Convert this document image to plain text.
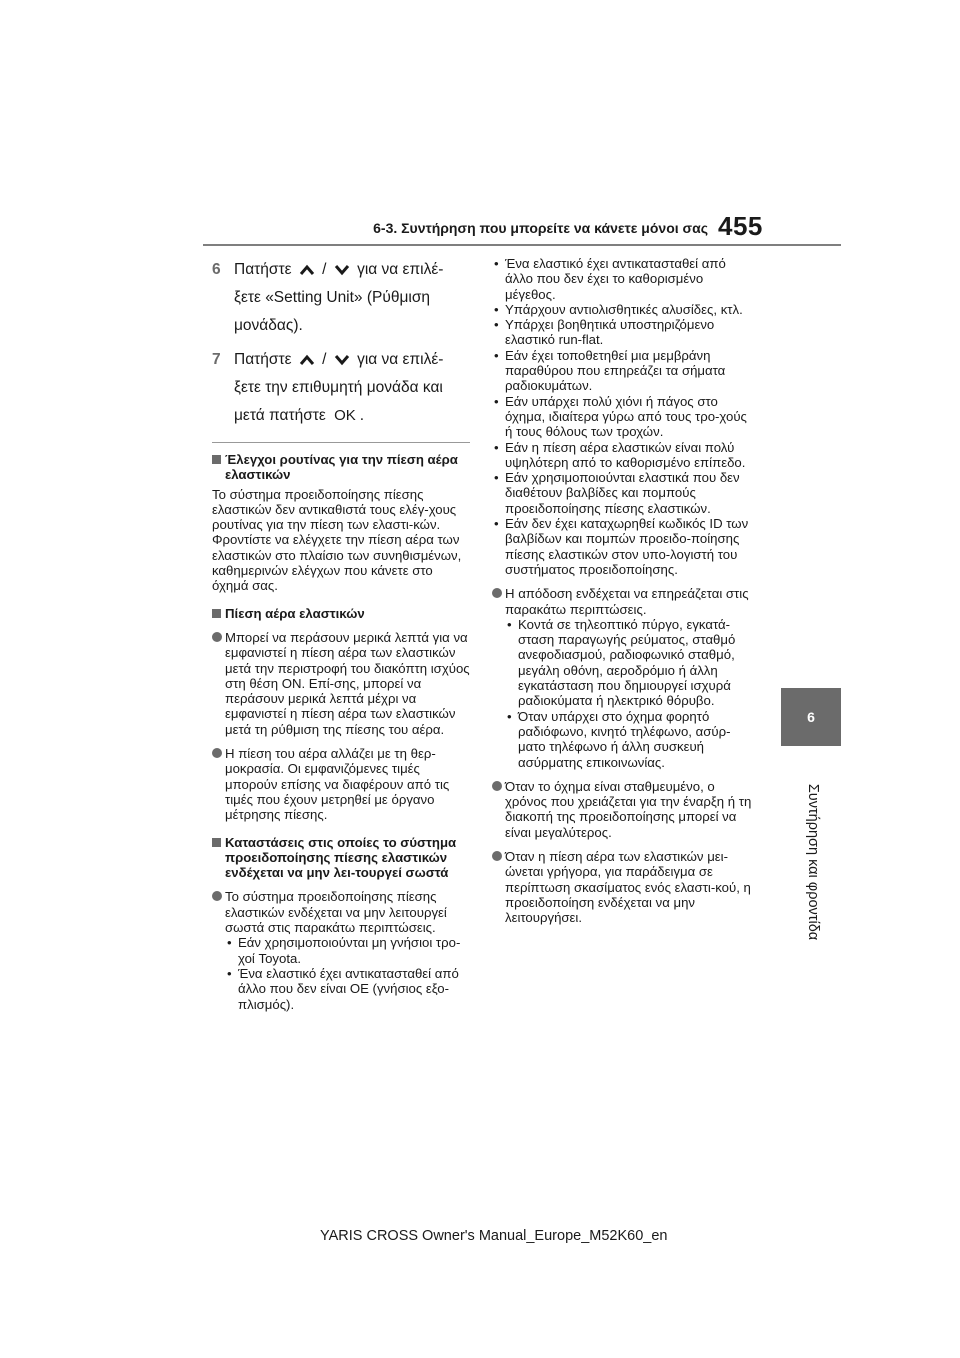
6-3. Συντήρηση που μπορείτε να κάνετε μόνοι σας 455
6
Συντήρηση και φροντίδα
6 Πατήστε / για να επιλέ-
ξετε «Setting Unit» (Ρύθμιση
μονάδας).
7 Πατήστε / για να επιλέ-
ξετε την επιθυμητή μονάδα και
μετά πατήστε OK .
Έλεγχοι ρουτίνας για την πίεση αέρα ελαστικών
Το σύστημα προειδοποίησης πίεσης ελαστικών δεν αντικαθιστά τους ελέγ-χους ρουτίνας για την πίεση των ελαστι-κών. Φροντίστε να ελέγχετε την πίεση αέρα των ελαστικών στο πλαίσιο των συνηθισμένων, καθημερινών ελέγχων που κάνετε στο όχημά σας.
Πίεση αέρα ελαστικών
Μπορεί να περάσουν μερικά λεπτά για να εμφανιστεί η πίεση αέρα των ελαστικών μετά την περιστροφή του διακόπτη ισχύος στη θέση ON. Επί-σης, μπορεί να περάσουν μερικά λεπτά μέχρι να εμφανιστεί η πίεση αέρα των ελαστικών μετά τη ρύθμιση της πίεσης του αέρα.
Η πίεση του αέρα αλλάζει με τη θερ-μοκρασία. Οι εμφανιζόμενες τιμές μπορούν επίσης να διαφέρουν από τις τιμές που έχουν μετρηθεί με όργανο μέτρησης πίεσης.
Καταστάσεις στις οποίες το σύστημα προειδοποίησης πίεσης ελαστικών ενδέχεται να μην λει-τουργεί σωστά
Το σύστημα προειδοποίησης πίεσης ελαστικών ενδέχεται να μην λειτουργεί σωστά στις παρακάτω περιπτώσεις.
• Εάν χρησιμοποιούνται μη γνήσιοι τρο-χοί Toyota.
• Ένα ελαστικό έχει αντικατασταθεί από άλλο που δεν είναι OE (γνήσιος εξο-πλισμός).
• Ένα ελαστικό έχει αντικατασταθεί από άλλο που δεν έχει το καθορισμένο μέγεθος.
• Υπάρχουν αντιολισθητικές αλυσίδες, κτλ.
• Υπάρχει βοηθητικά υποστηριζόμενο ελαστικό run-flat.
• Εάν έχει τοποθετηθεί μια μεμβράνη παραθύρου που επηρεάζει τα σήματα ραδιοκυμάτων.
• Εάν υπάρχει πολύ χιόνι ή πάγος στο όχημα, ιδιαίτερα γύρω από τους τρο-χούς ή τους θόλους των τροχών.
• Εάν η πίεση αέρα ελαστικών είναι πολύ υψηλότερη από το καθορισμένο επίπεδο.
• Εάν χρησιμοποιούνται ελαστικά που δεν διαθέτουν βαλβίδες και πομπούς προειδοποίησης πίεσης ελαστικών.
• Εάν δεν έχει καταχωρηθεί κωδικός ID των βαλβίδων και πομπών προειδο-ποίησης πίεσης ελαστικών στον υπο-λογιστή του συστήματος προειδοποίησης.
Η απόδοση ενδέχεται να επηρεάζεται στις παρακάτω περιπτώσεις.
• Κοντά σε τηλεοπτικό πύργο, εγκατά-σταση παραγωγής ρεύματος, σταθμό ανεφοδιασμού, ραδιοφωνικό σταθμό, μεγάλη οθόνη, αεροδρόμιο ή άλλη εγκατάσταση που δημιουργεί ισχυρά ραδιοκύματα ή ηλεκτρικό θόρυβο.
• Όταν υπάρχει στο όχημα φορητό ραδιόφωνο, κινητό τηλέφωνο, ασύρ-ματο τηλέφωνο ή άλλη συσκευή ασύρματης επικοινωνίας.
Όταν το όχημα είναι σταθμευμένο, ο χρόνος που χρειάζεται για την έναρξη ή τη διακοπή της προειδοποίησης μπορεί να είναι μεγαλύτερος.
Όταν η πίεση αέρα των ελαστικών μει-ώνεται γρήγορα, για παράδειγμα σε περίπτωση σκασίματος ενός ελαστι-κού, η προειδοποίηση ενδέχεται να μην λειτουργήσει.
YARIS CROSS Owner's Manual_Europe_M52K60_en
